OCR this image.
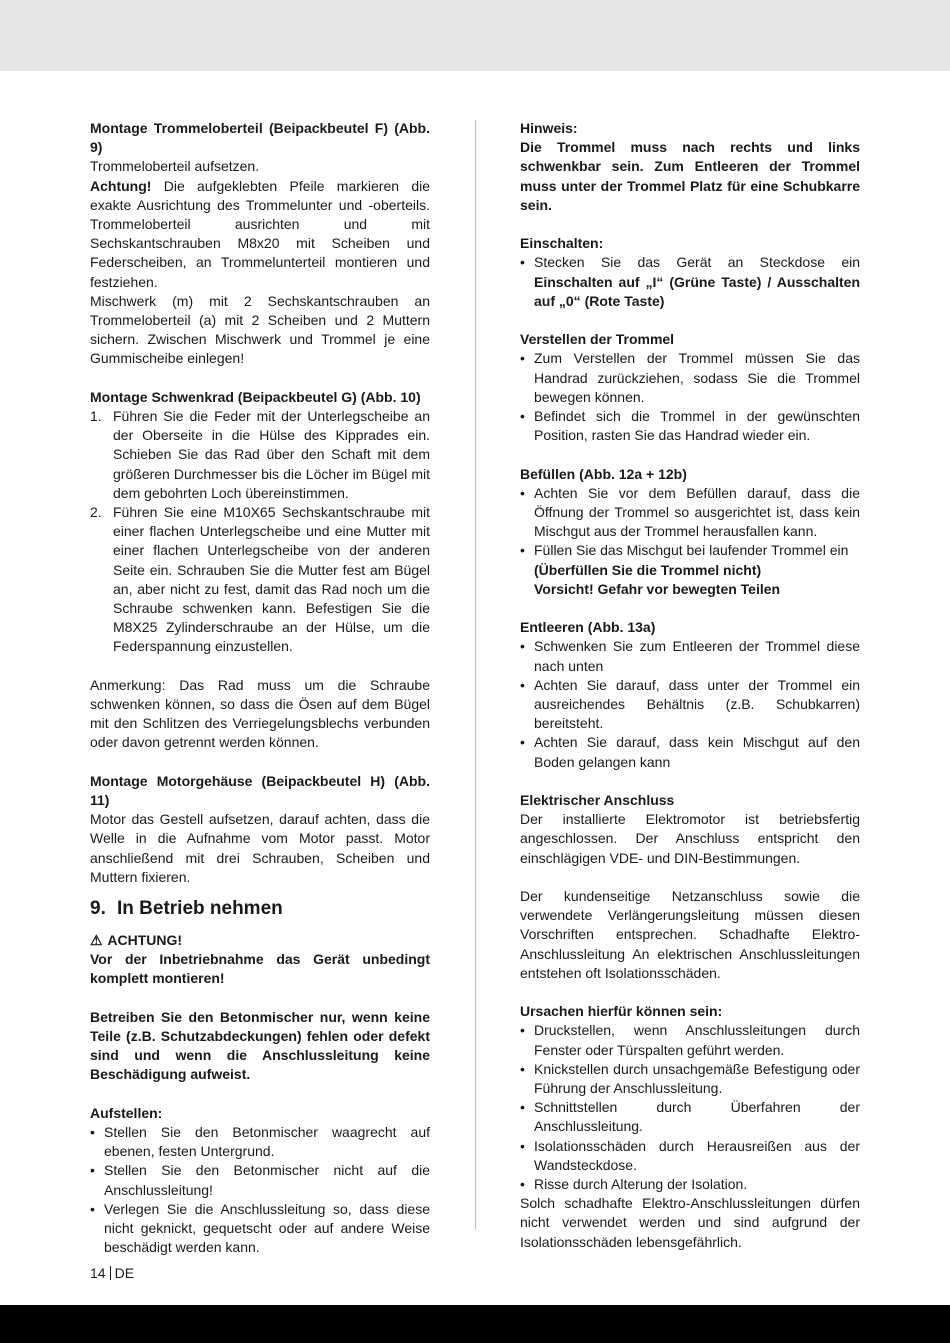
Montage Trommeloberteil (Beipackbeutel F) (Abb. 9)

Trommeloberteil aufsetzen.

Achtung! Die aufgeklebten Pfeile markieren die exakte Ausrichtung des Trommelunter und -oberteils. Trommeloberteil ausrichten und mit Sechskantschrauben M8x20 mit Scheiben und Federscheiben, an Trommelunterteil montieren und festziehen.

Mischwerk (m) mit 2 Sechskantschrauben an Trommeloberteil (a) mit 2 Scheiben und 2 Muttern sichern. Zwischen Mischwerk und Trommel je eine Gummischeibe einlegen!

Montage Schwenkrad (Beipackbeutel G) (Abb. 10)

1. Führen Sie die Feder mit der Unterlegscheibe an der Oberseite in die Hülse des Kipprades ein. Schieben Sie das Rad über den Schaft mit dem größeren Durchmesser bis die Löcher im Bügel mit dem gebohrten Loch übereinstimmen.
2. Führen Sie eine M10X65 Sechskantschraube mit einer flachen Unterlegscheibe und eine Mutter mit einer flachen Unterlegscheibe von der anderen Seite ein. Schrauben Sie die Mutter fest am Bügel an, aber nicht zu fest, damit das Rad noch um die Schraube schwenken kann. Befestigen Sie die M8X25 Zylinderschraube an der Hülse, um die Federspannung einzustellen.

Anmerkung: Das Rad muss um die Schraube schwenken können, so dass die Ösen auf dem Bügel mit den Schlitzen des Verriegelungsblechs verbunden oder davon getrennt werden können.

Montage Motorgehäuse (Beipackbeutel H) (Abb. 11)

Motor das Gestell aufsetzen, darauf achten, dass die Welle in die Aufnahme vom Motor passt. Motor anschließend mit drei Schrauben, Scheiben und Muttern fixieren.

9. In Betrieb nehmen

⚠ ACHTUNG!

Vor der Inbetriebnahme das Gerät unbedingt komplett montieren!

Betreiben Sie den Betonmischer nur, wenn keine Teile (z.B. Schutzabdeckungen) fehlen oder defekt sind und wenn die Anschlussleitung keine Beschädigung aufweist.

Aufstellen:

• Stellen Sie den Betonmischer waagrecht auf ebenen, festen Untergrund.
• Stellen Sie den Betonmischer nicht auf die Anschlussleitung!
• Verlegen Sie die Anschlussleitung so, dass diese nicht geknickt, gequetscht oder auf andere Weise beschädigt werden kann.

Hinweis:

Die Trommel muss nach rechts und links schwenkbar sein. Zum Entleeren der Trommel muss unter der Trommel Platz für eine Schubkarre sein.

Einschalten:

• Stecken Sie das Gerät an Steckdose ein Einschalten auf „I“ (Grüne Taste) / Ausschalten auf „0“ (Rote Taste)

Verstellen der Trommel

• Zum Verstellen der Trommel müssen Sie das Handrad zurückziehen, sodass Sie die Trommel bewegen können.
• Befindet sich die Trommel in der gewünschten Position, rasten Sie das Handrad wieder ein.

Befüllen (Abb. 12a + 12b)

• Achten Sie vor dem Befüllen darauf, dass die Öffnung der Trommel so ausgerichtet ist, dass kein Mischgut aus der Trommel herausfallen kann.
• Füllen Sie das Mischgut bei laufender Trommel ein
(Überfüllen Sie die Trommel nicht)
Vorsicht! Gefahr vor bewegten Teilen

Entleeren (Abb. 13a)

• Schwenken Sie zum Entleeren der Trommel diese nach unten
• Achten Sie darauf, dass unter der Trommel ein ausreichendes Behältnis (z.B. Schubkarren) bereitsteht.
• Achten Sie darauf, dass kein Mischgut auf den Boden gelangen kann

Elektrischer Anschluss

Der installierte Elektromotor ist betriebsfertig angeschlossen. Der Anschluss entspricht den einschlägigen VDE- und DIN-Bestimmungen.

Der kundenseitige Netzanschluss sowie die verwendete Verlängerungsleitung müssen diesen Vorschriften entsprechen. Schadhafte Elektro-Anschlussleitung An elektrischen Anschlussleitungen entstehen oft Isolationsschäden.

Ursachen hierfür können sein:

• Druckstellen, wenn Anschlussleitungen durch Fenster oder Türspalten geführt werden.
• Knickstellen durch unsachgemäße Befestigung oder Führung der Anschlussleitung.
• Schnittstellen durch Überfahren der Anschlussleitung.
• Isolationsschäden durch Herausreißen aus der Wandsteckdose.
• Risse durch Alterung der Isolation.

Solch schadhafte Elektro-Anschlussleitungen dürfen nicht verwendet werden und sind aufgrund der Isolationsschäden lebensgefährlich.

14 DE
